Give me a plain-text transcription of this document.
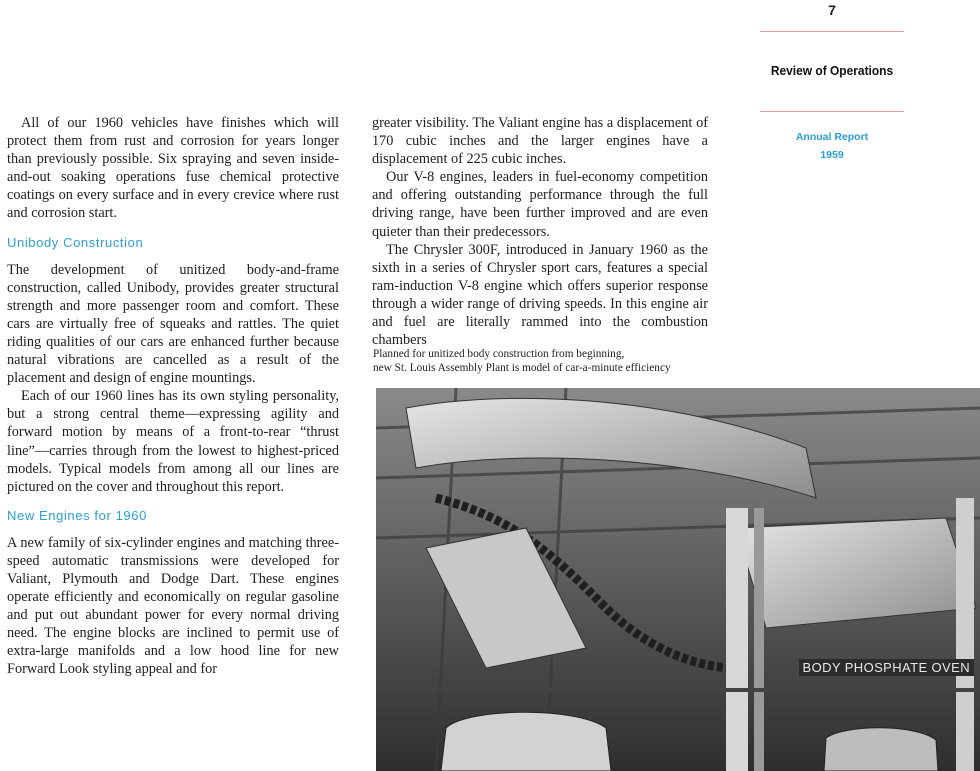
7
Review of Operations
Annual Report
1959

All of our 1960 vehicles have finishes which will protect them from rust and corrosion for years longer than previously possible. Six spraying and seven inside-and-out soaking operations fuse chemical protective coatings on every surface and in every crevice where rust and corrosion start.

Unibody Construction

The development of unitized body-and-frame construction, called Unibody, provides greater structural strength and more passenger room and comfort. These cars are virtually free of squeaks and rattles. The quiet riding qualities of our cars are enhanced further because natural vibrations are cancelled as a result of the placement and design of engine mountings.

Each of our 1960 lines has its own styling personality, but a strong central theme—expressing agility and forward motion by means of a front-to-rear “thrust line”—carries through from the lowest to highest-priced models. Typical models from among all our lines are pictured on the cover and throughout this report.

New Engines for 1960

A new family of six-cylinder engines and matching three-speed automatic transmissions were developed for Valiant, Plymouth and Dodge Dart. These engines operate efficiently and economically on regular gasoline and put out abundant power for every normal driving need. The engine blocks are inclined to permit use of extra-large manifolds and a low hood line for new Forward Look styling appeal and for

greater visibility. The Valiant engine has a displacement of 170 cubic inches and the larger engines have a displacement of 225 cubic inches.

Our V-8 engines, leaders in fuel-economy competition and offering outstanding performance through the full driving range, have been further improved and are even quieter than their predecessors.

The Chrysler 300F, introduced in January 1960 as the sixth in a series of Chrysler sport cars, features a special ram-induction V-8 engine which offers superior response through a wider range of driving speeds. In this engine air and fuel are literally rammed into the combustion chambers

Planned for unitized body construction from beginning,
new St. Louis Assembly Plant is model of car-a-minute efficiency
BODY PHOSPHATE OVEN
